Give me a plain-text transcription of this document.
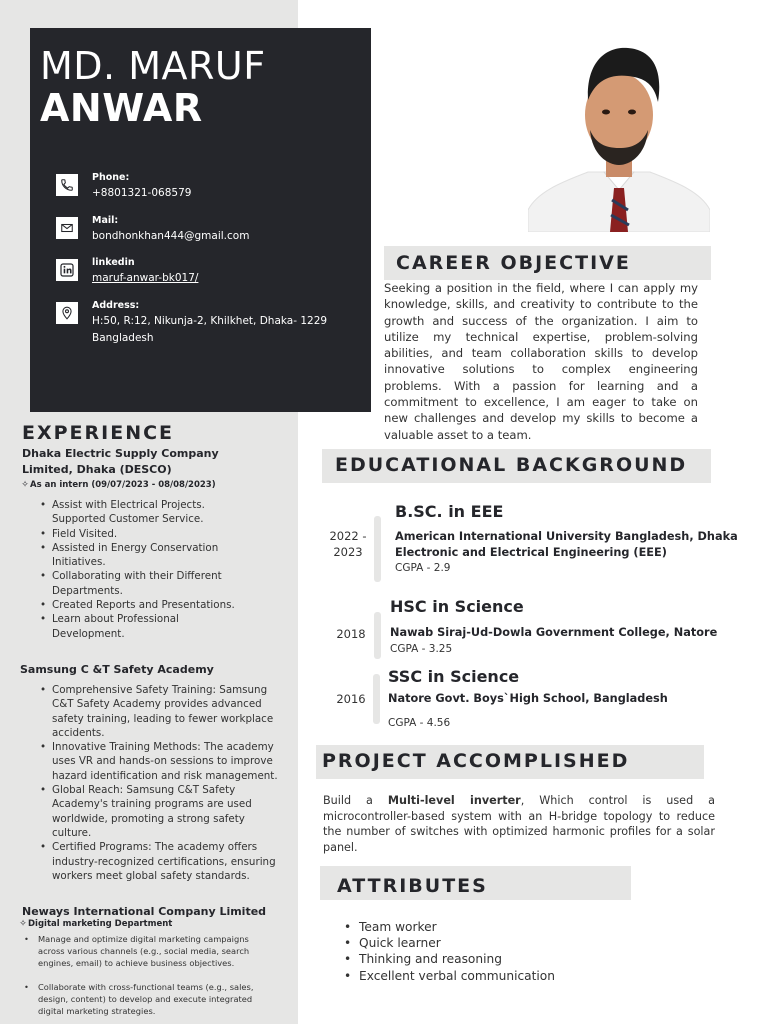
MD. MARUF
ANWAR
Phone:
+8801321-068579
Mail:
bondhonkhan444@gmail.com
linkedin
maruf-anwar-bk017/
Address:
H:50, R:12, Nikunja-2, Khilkhet, Dhaka- 1229 Bangladesh
EXPERIENCE
Dhaka Electric Supply Company Limited, Dhaka (DESCO)
✧As an intern (09/07/2023 - 08/08/2023)
• Assist with Electrical Projects. Supported Customer Service.
• Field Visited.
• Assisted in Energy Conservation Initiatives.
• Collaborating with their Different Departments.
• Created Reports and Presentations.
• Learn about Professional Development.
Samsung C &T Safety Academy
• Comprehensive Safety Training: Samsung C&T Safety Academy provides advanced safety training, leading to fewer workplace accidents.
• Innovative Training Methods: The academy uses VR and hands-on sessions to improve hazard identification and risk management.
• Global Reach: Samsung C&T Safety Academy's training programs are used worldwide, promoting a strong safety culture.
• Certified Programs: The academy offers industry-recognized certifications, ensuring workers meet global safety standards.
Neways International Company Limited
✧Digital marketing Department
• Manage and optimize digital marketing campaigns across various channels (e.g., social media, search engines, email) to achieve business objectives.
• Collaborate with cross-functional teams (e.g., sales, design, content) to develop and execute integrated digital marketing strategies.
CAREER OBJECTIVE
Seeking a position in the field, where I can apply my knowledge, skills, and creativity to contribute to the growth and success of the organization. I aim to utilize my technical expertise, problem-solving abilities, and team collaboration skills to develop innovative solutions to complex engineering problems. With a passion for learning and a commitment to excellence, I am eager to take on new challenges and develop my skills to become a valuable asset to a team.
EDUCATIONAL BACKGROUND
2022 - 2023
B.SC. in EEE
American International University Bangladesh, Dhaka
Electronic and Electrical Engineering (EEE)
CGPA - 2.9
2018
HSC in Science
Nawab Siraj-Ud-Dowla Government College, Natore
CGPA - 3.25
2016
SSC in Science
Natore Govt. Boys`High School, Bangladesh
CGPA - 4.56
PROJECT ACCOMPLISHED
Build a Multi-level inverter, Which control is used a microcontroller-based system with an H-bridge topology to reduce the number of switches with optimized harmonic profiles for a solar panel.
ATTRIBUTES
• Team worker
• Quick learner
• Thinking and reasoning
• Excellent verbal communication
